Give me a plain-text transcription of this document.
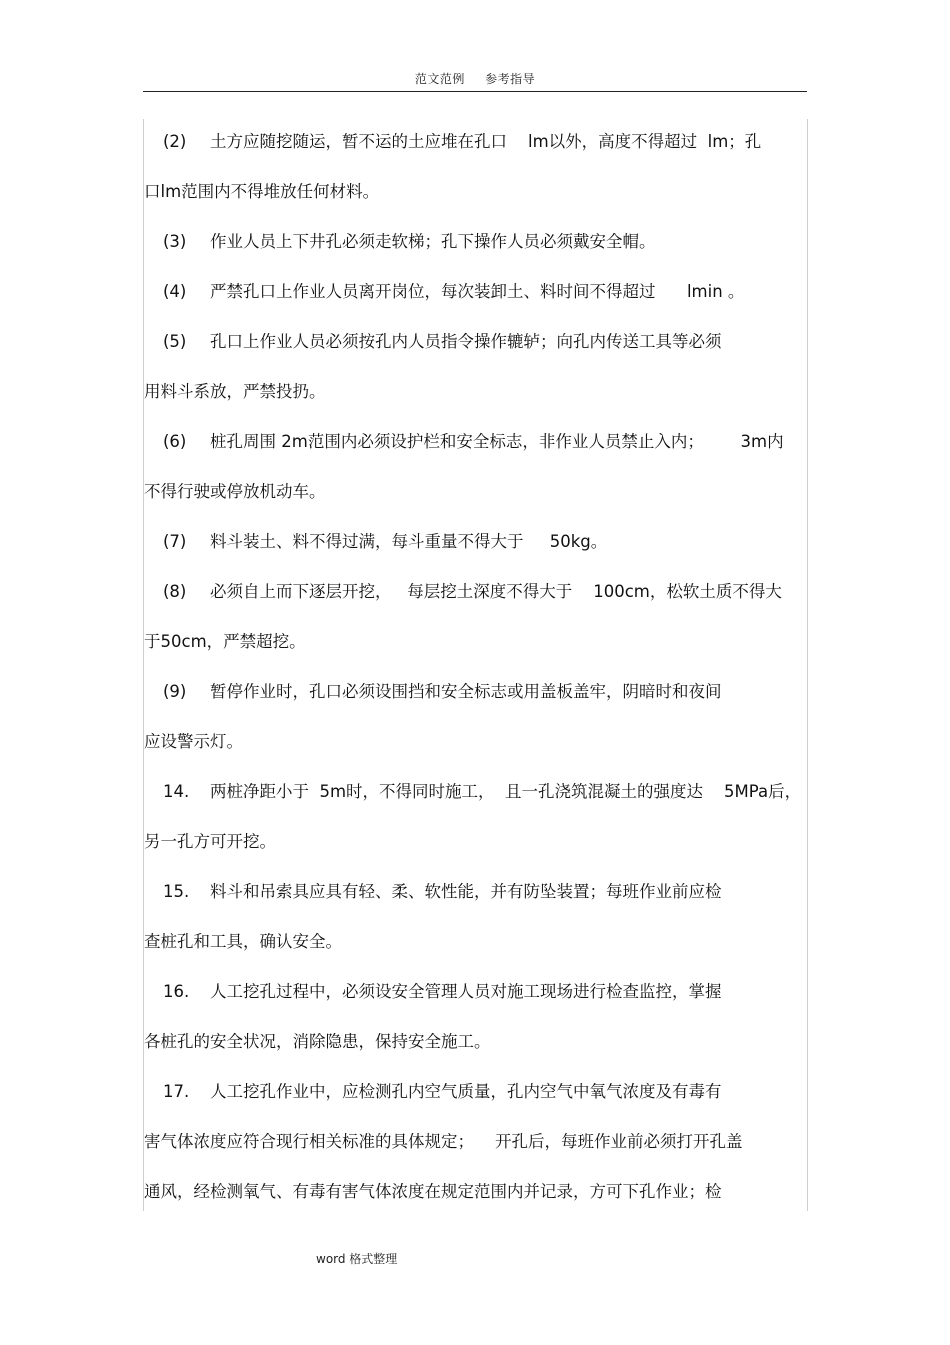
范文范例 参考指导
(2) 土方应随挖随运，暂不运的土应堆在孔口    lm以外，高度不得超过  lm；孔
口lm范围内不得堆放任何材料。
(3) 作业人员上下井孔必须走软梯；孔下操作人员必须戴安全帽。
(4) 严禁孔口上作业人员离开岗位，每次装卸土、料时间不得超过      lmin 。
(5) 孔口上作业人员必须按孔内人员指令操作辘轳；向孔内传送工具等必须
用料斗系放，严禁投扔。
(6) 桩孔周围 2m范围内必须设护栏和安全标志，非作业人员禁止入内；       3m内
不得行驶或停放机动车。
(7) 料斗装土、料不得过满，每斗重量不得大于     50kg。
(8) 必须自上而下逐层开挖，   每层挖土深度不得大于    100cm，松软土质不得大
于50cm，严禁超挖。
(9) 暂停作业时，孔口必须设围挡和安全标志或用盖板盖牢，阴暗时和夜间
应设警示灯。
14. 两桩净距小于  5m时，不得同时施工，  且一孔浇筑混凝土的强度达    5MPa后，
另一孔方可开挖。
15. 料斗和吊索具应具有轻、柔、软性能，并有防坠装置；每班作业前应检
查桩孔和工具，确认安全。
16. 人工挖孔过程中，必须设安全管理人员对施工现场进行检查监控，掌握
各桩孔的安全状况，消除隐患，保持安全施工。
17. 人工挖孔作业中，应检测孔内空气质量，孔内空气中氧气浓度及有毒有
害气体浓度应符合现行相关标准的具体规定；    开孔后，每班作业前必须打开孔盖
通风，经检测氧气、有毒有害气体浓度在规定范围内并记录，方可下孔作业；检
word 格式整理
